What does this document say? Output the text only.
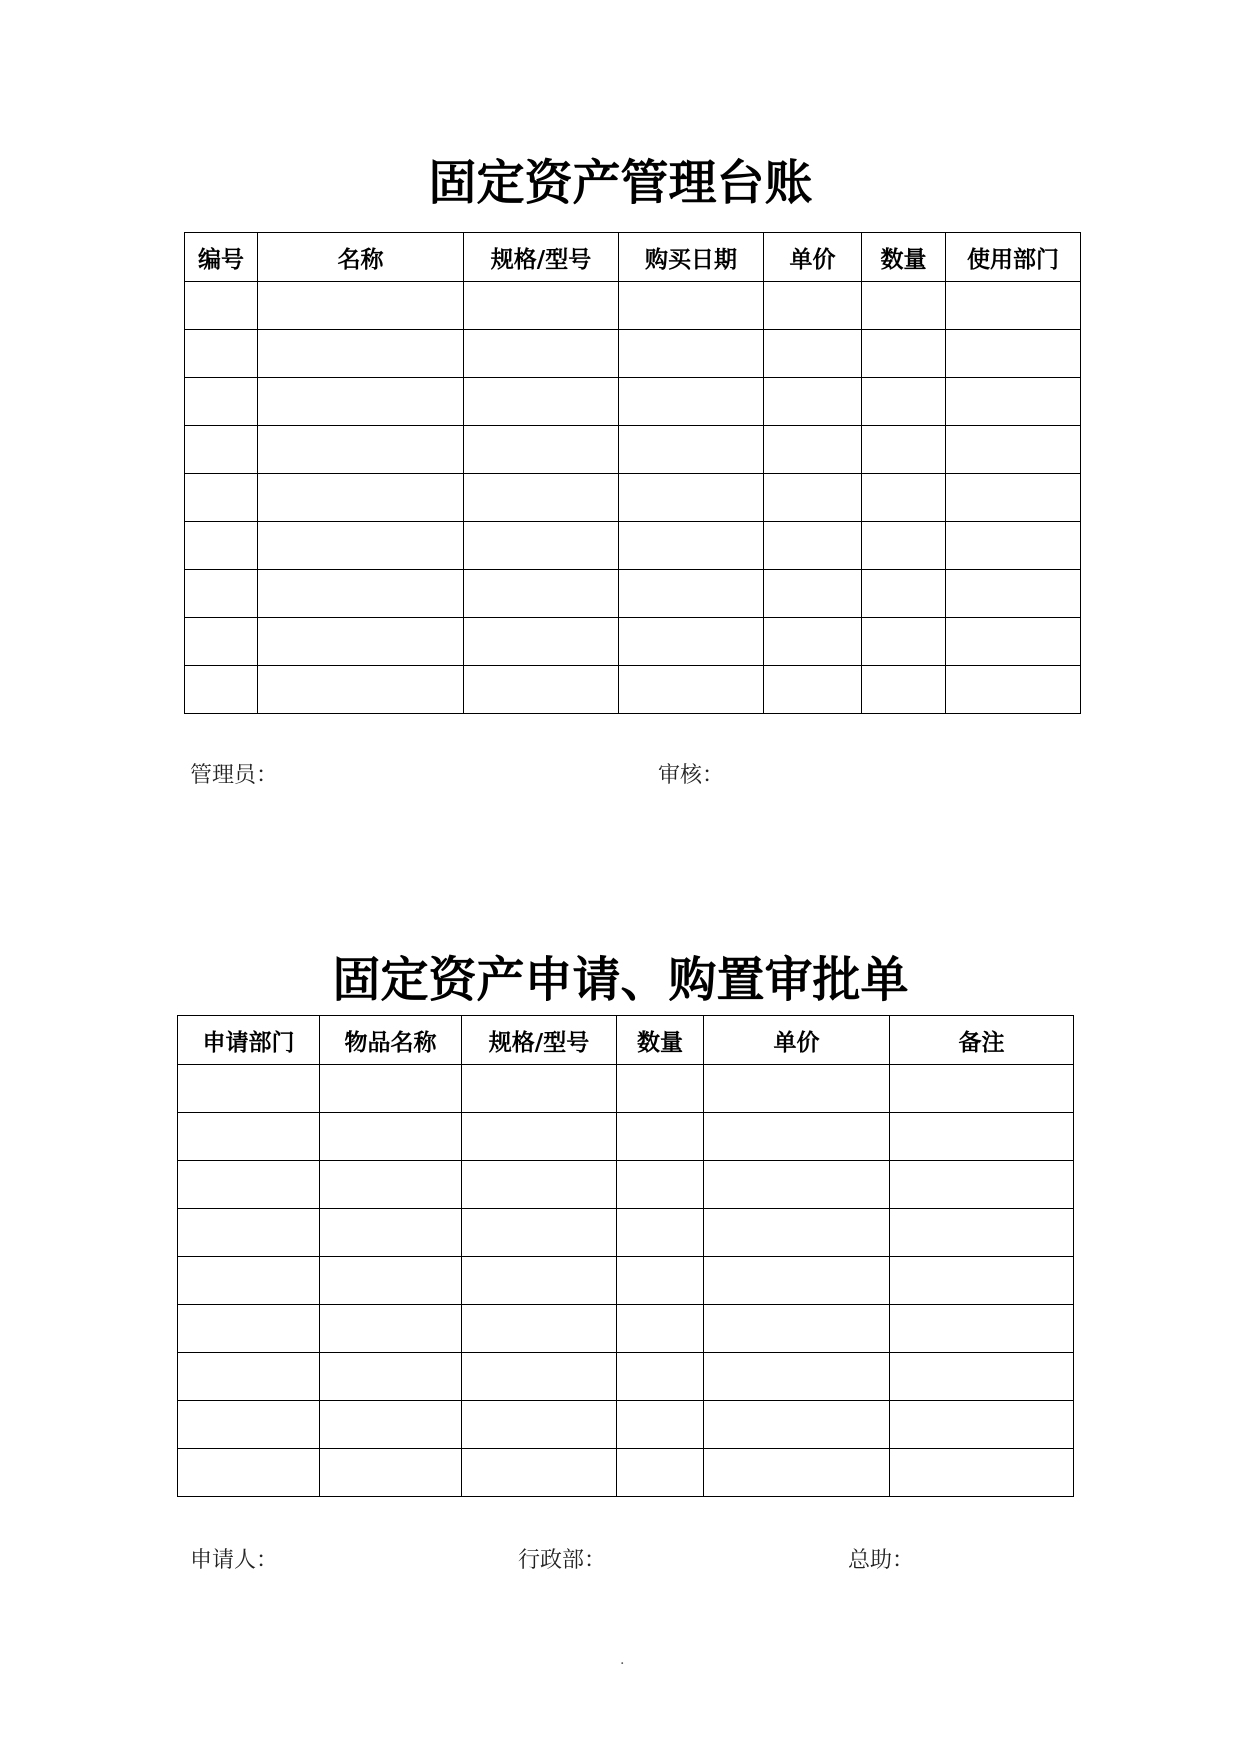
固定资产管理台账
编号	名称	规格/型号	购买日期	单价	数量	使用部门

管理员：	审核：
固定资产申请、购置审批单
申请部门	物品名称	规格/型号	数量	单价	备注

申请人：	行政部：	总助：
.
